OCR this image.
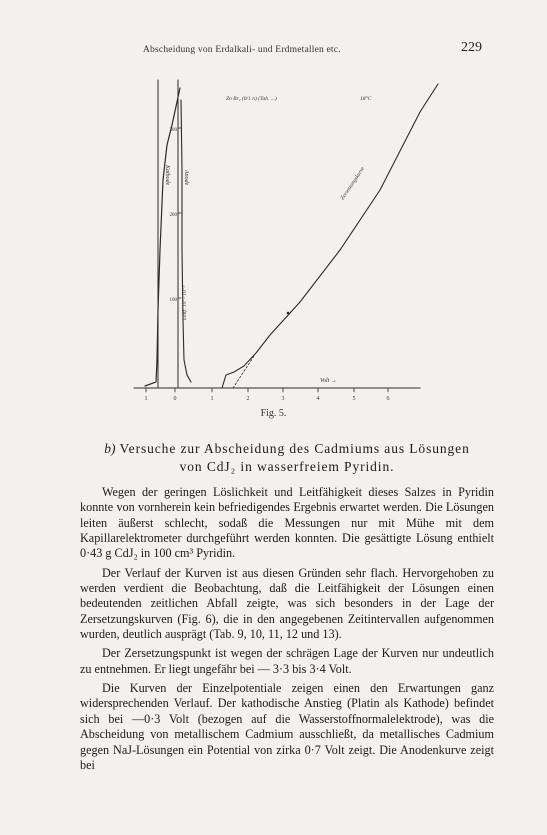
Abscheidung von Erdalkali- und Erdmetallen etc.	229
Zn Br₂ (0/1 n) (Tab. ...)	18°C
Kathode Anode
Leitf. 10⁻² 10⁻⁵
Zersetzungskurve
Volt →
300
200
100
1	0	1	2	3	4	5	6
Fig. 5.
b) Versuche zur Abscheidung des Cadmiums aus Lösungen
von CdJ₂ in wasserfreiem Pyridin.

Wegen der geringen Löslichkeit und Leitfähigkeit dieses Salzes in Pyridin konnte von vornherein kein befriedigendes Ergebnis erwartet werden. Die Lösungen leiten äußerst schlecht, sodaß die Messungen nur mit Mühe mit dem Kapillarelektrometer durchgeführt werden konnten. Die gesättigte Lösung enthielt 0·43 g CdJ₂ in 100 cm³ Pyridin.

Der Verlauf der Kurven ist aus diesen Gründen sehr flach. Hervorgehoben zu werden verdient die Beobachtung, daß die Leitfähigkeit der Lösungen einen bedeutenden zeitlichen Abfall zeigte, was sich besonders in der Lage der Zersetzungskurven (Fig. 6), die in den angegebenen Zeitintervallen aufgenommen wurden, deutlich ausprägt (Tab. 9, 10, 11, 12 und 13).

Der Zersetzungspunkt ist wegen der schrägen Lage der Kurven nur undeutlich zu entnehmen. Er liegt ungefähr bei — 3·3 bis 3·4 Volt.

Die Kurven der Einzelpotentiale zeigen einen den Erwartungen ganz widersprechenden Verlauf. Der kathodische Anstieg (Platin als Kathode) befindet sich bei —0·3 Volt (bezogen auf die Wasserstoffnormalelektrode), was die Abscheidung von metallischem Cadmium ausschließt, da metallisches Cadmium gegen NaJ-Lösungen ein Potential von zirka 0·7 Volt zeigt. Die Anodenkurve zeigt bei
